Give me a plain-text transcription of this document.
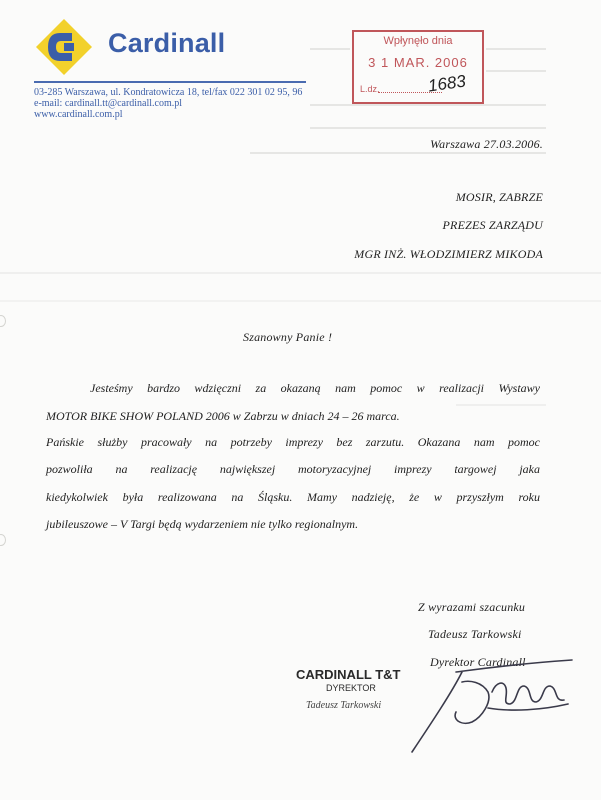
Cardinall
03-285 Warszawa, ul. Kondratowicza 18, tel/fax 022 301 02 95, 96
e-mail: cardinall.tt@cardinall.com.pl
www.cardinall.com.pl
Wpłynęło dnia
3 1 MAR. 2006
L.dz.	1683
Warszawa 27.03.2006.
MOSIR, ZABRZE
PREZES ZARZĄDU
MGR INŻ. WŁODZIMIERZ MIKODA
Szanowny Panie !
Jesteśmy bardzo wdzięczni za okazaną nam pomoc w realizacji Wystawy
MOTOR BIKE SHOW POLAND 2006 w Zabrzu w dniach 24 – 26 marca.
Pańskie służby pracowały na potrzeby imprezy bez zarzutu. Okazana nam pomoc
pozwoliła na realizację największej motoryzacyjnej imprezy targowej jaka
kiedykolwiek była realizowana na Śląsku. Mamy nadzieję, że w przyszłym roku
jubileuszowe – V Targi będą wydarzeniem nie tylko regionalnym.
Z wyrazami szacunku
Tadeusz Tarkowski
Dyrektor Cardinall
CARDINALL T&T
DYREKTOR
Tadeusz Tarkowski
